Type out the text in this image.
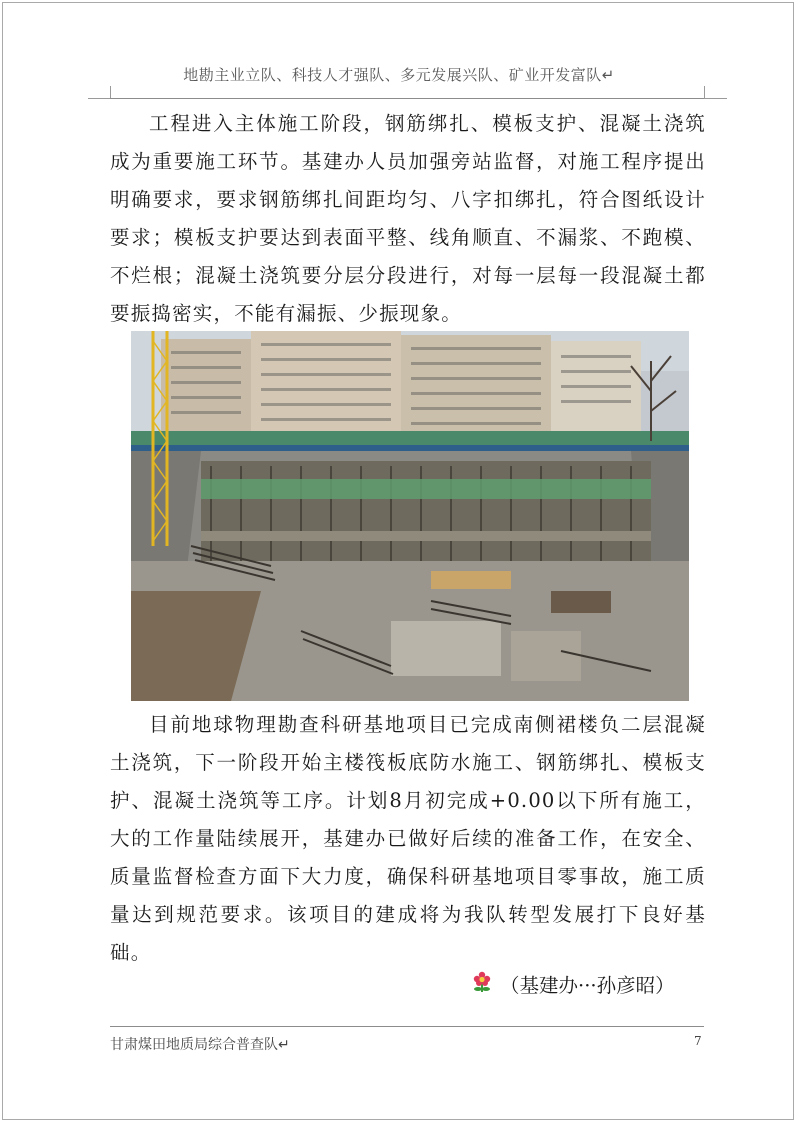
地勘主业立队、科技人才强队、多元发展兴队、矿业开发富队↵

工程进入主体施工阶段，钢筋绑扎、模板支护、混凝土浇筑成为重要施工环节。基建办人员加强旁站监督，对施工程序提出明确要求，要求钢筋绑扎间距均匀、八字扣绑扎，符合图纸设计要求；模板支护要达到表面平整、线角顺直、不漏浆、不跑模、不烂根；混凝土浇筑要分层分段进行，对每一层每一段混凝土都要振捣密实，不能有漏振、少振现象。

目前地球物理勘查科研基地项目已完成南侧裙楼负二层混凝土浇筑，下一阶段开始主楼筏板底防水施工、钢筋绑扎、模板支护、混凝土浇筑等工序。计划8月初完成+0.00以下所有施工，大的工作量陆续展开，基建办已做好后续的准备工作，在安全、质量监督检查方面下大力度，确保科研基地项目零事故，施工质量达到规范要求。该项目的建成将为我队转型发展打下良好基础。

（基建办···孙彦昭）
甘肃煤田地质局综合普查队↵	7
